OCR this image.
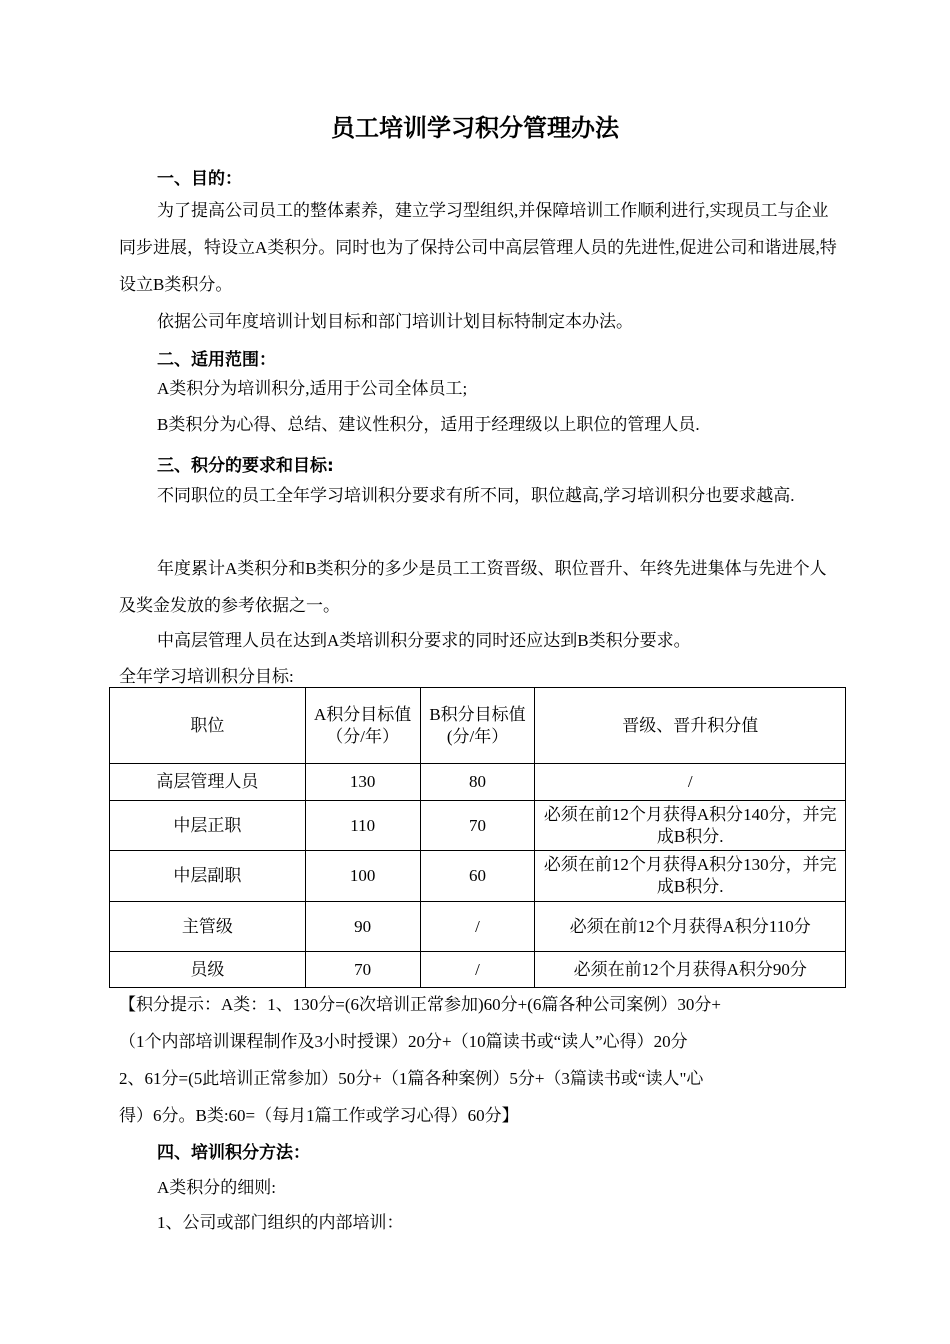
员工培训学习积分管理办法
一、目的：
为了提高公司员工的整体素养，建立学习型组织,并保障培训工作顺利进行,实现员工与企业同步进展，特设立A类积分。同时也为了保持公司中高层管理人员的先进性,促进公司和谐进展,特设立B类积分。
依据公司年度培训计划目标和部门培训计划目标特制定本办法。
二、适用范围：
A类积分为培训积分,适用于公司全体员工;
B类积分为心得、总结、建议性积分，适用于经理级以上职位的管理人员.
三、积分的要求和目标:
不同职位的员工全年学习培训积分要求有所不同，职位越高,学习培训积分也要求越高.
年度累计A类积分和B类积分的多少是员工工资晋级、职位晋升、年终先进集体与先进个人及奖金发放的参考依据之一。
中高层管理人员在达到A类培训积分要求的同时还应达到B类积分要求。
全年学习培训积分目标:
职位	A积分目标值（分/年）	B积分目标值(分/年）	晋级、晋升积分值
高层管理人员	130	80	/
中层正职	110	70	必须在前12个月获得A积分140分，并完成B积分.
中层副职	100	60	必须在前12个月获得A积分130分，并完成B积分.
主管级	90	/	必须在前12个月获得A积分110分
员级	70	/	必须在前12个月获得A积分90分
【积分提示：A类：1、130分=(6次培训正常参加)60分+(6篇各种公司案例）30分+
（1个内部培训课程制作及3小时授课）20分+（10篇读书或“读人”心得）20分
2、61分=(5此培训正常参加）50分+（1篇各种案例）5分+（3篇读书或“读人"心
得）6分。B类:60=（每月1篇工作或学习心得）60分】
四、培训积分方法：
A类积分的细则:
1、公司或部门组织的内部培训：
